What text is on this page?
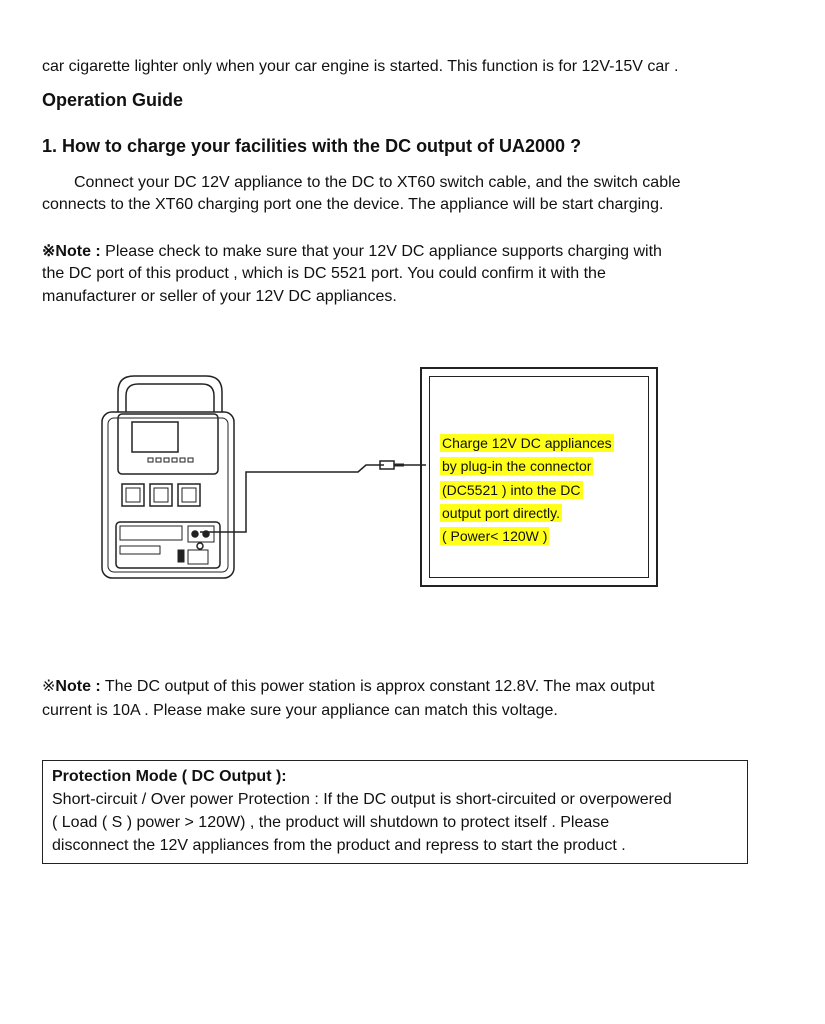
car cigarette lighter only when your car engine is started. This function is for 12V-15V car .
Operation Guide
1. How to charge your facilities with the DC output of UA2000 ?
Connect your DC 12V appliance to the DC to XT60 switch cable, and the switch cable
connects to the XT60 charging port one the device. The appliance will be start charging.
※Note : Please check to make sure that your 12V DC appliance supports charging with
the DC port of this product , which is DC 5521 port. You could confirm it with the
manufacturer or seller of your 12V DC appliances.
Charge 12V DC appliances
by plug-in the connector
(DC5521 ) into the DC
output port directly.
( Power< 120W )
※Note : The DC output of this power station is approx constant 12.8V. The max output
current is 10A . Please make sure your appliance can match this voltage.
Protection Mode ( DC Output ):
Short-circuit / Over power Protection : If the DC output is short-circuited or overpowered
( Load ( S ) power > 120W) , the product will shutdown to protect itself . Please
disconnect the 12V appliances from the product and repress to start the product .
